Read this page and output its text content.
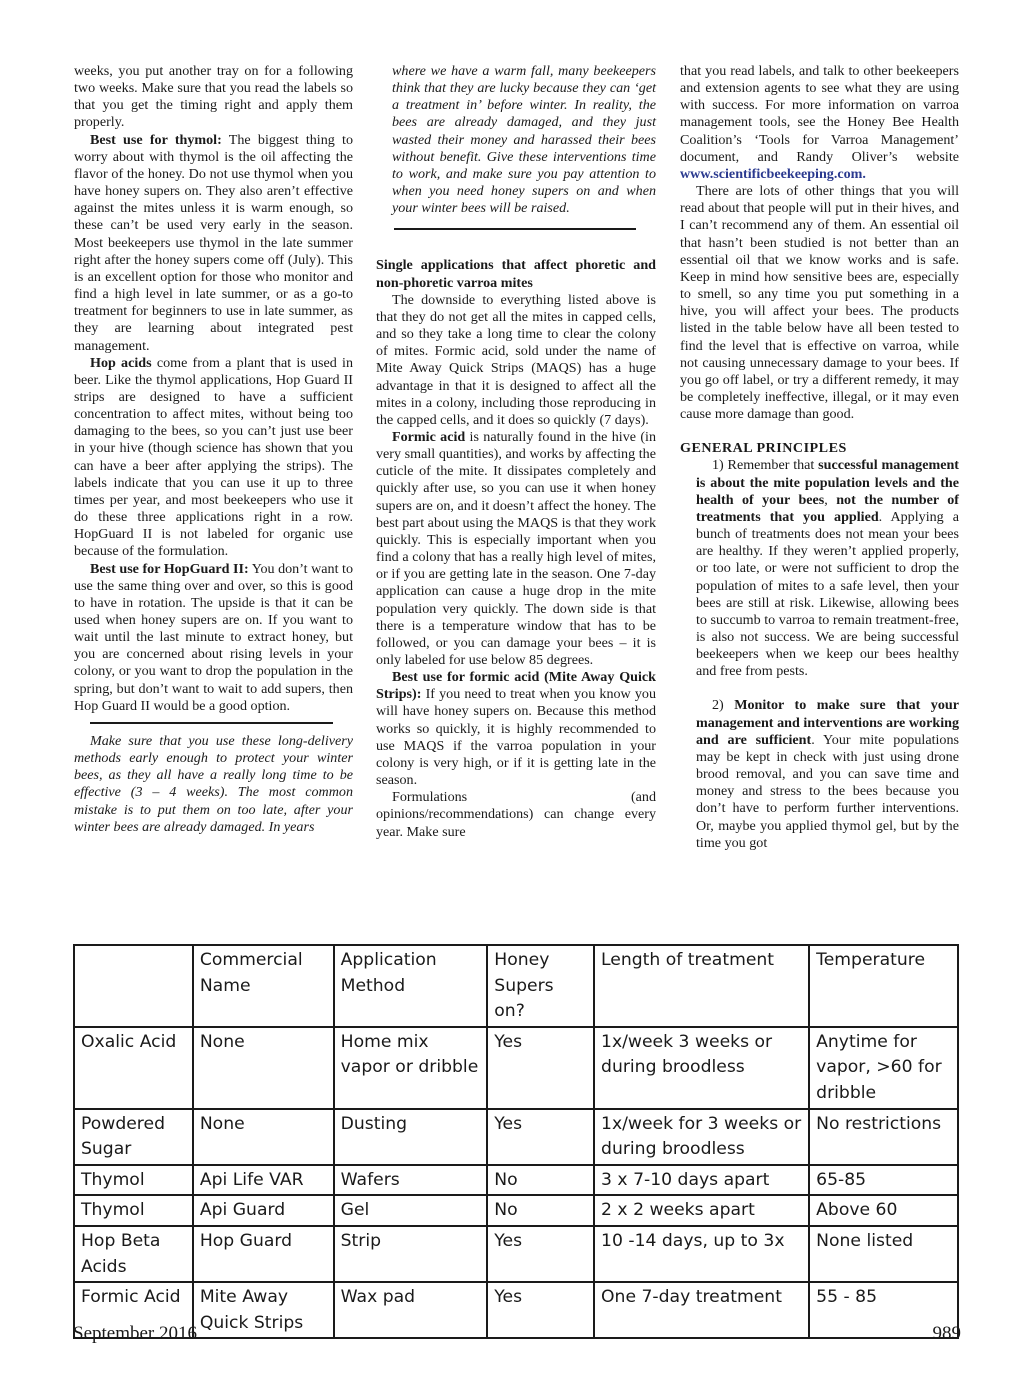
weeks, you put another tray on for a following two weeks. Make sure that you read the labels so that you get the timing right and apply them properly.

Best use for thymol: The biggest thing to worry about with thymol is the oil affecting the flavor of the honey. Do not use thymol when you have honey supers on. They also aren’t effective against the mites unless it is warm enough, so these can’t be used very early in the season. Most beekeepers use thymol in the late summer right after the honey supers come off (July). This is an excellent option for those who monitor and find a high level in late summer, or as a go-to treatment for beginners to use in late summer, as they are learning about integrated pest management.

Hop acids come from a plant that is used in beer. Like the thymol applications, Hop Guard II strips are designed to have a sufficient concentration to affect mites, without being too damaging to the bees, so you can’t just use beer in your hive (though science has shown that you can have a beer after applying the strips). The labels indicate that you can use it up to three times per year, and most beekeepers who use it do these three applications right in a row. HopGuard II is not labeled for organic use because of the formulation.

Best use for HopGuard II: You don’t want to use the same thing over and over, so this is good to have in rotation. The upside is that it can be used when honey supers are on. If you want to wait until the last minute to extract honey, but you are concerned about rising levels in your colony, or you want to drop the population in the spring, but don’t want to wait to add supers, then Hop Guard II would be a good option.

Make sure that you use these long-delivery methods early enough to protect your winter bees, as they all have a really long time to be effective (3 – 4 weeks). The most common mistake is to put them on too late, after your winter bees are already damaged. In years

where we have a warm fall, many beekeepers think that they are lucky because they can ‘get a treatment in’ before winter. In reality, the bees are already damaged, and they just wasted their money and harassed their bees without benefit. Give these interventions time to work, and make sure you pay attention to when you need honey supers on and when your winter bees will be raised.

Single applications that affect phoretic and non-phoretic varroa mites

The downside to everything listed above is that they do not get all the mites in capped cells, and so they take a long time to clear the colony of mites. Formic acid, sold under the name of Mite Away Quick Strips (MAQS) has a huge advantage in that it is designed to affect all the mites in a colony, including those reproducing in the capped cells, and it does so quickly (7 days).

Formic acid is naturally found in the hive (in very small quantities), and works by affecting the cuticle of the mite. It dissipates completely and quickly after use, so you can use it when honey supers are on, and it doesn’t affect the honey. The best part about using the MAQS is that they work quickly. This is especially important when you find a colony that has a really high level of mites, or if you are getting late in the season. One 7-day application can cause a huge drop in the mite population very quickly. The down side is that there is a temperature window that has to be followed, or you can damage your bees – it is only labeled for use below 85 degrees.

Best use for formic acid (Mite Away Quick Strips): If you need to treat when you know you will have honey supers on. Because this method works so quickly, it is highly recommended to use MAQS if the varroa population in your colony is very high, or if it is getting late in the season.

Formulations (and opinions/recommendations) can change every year. Make sure

that you read labels, and talk to other beekeepers and extension agents to see what they are using with success. For more information on varroa management tools, see the Honey Bee Health Coalition’s ‘Tools for Varroa Management’ document, and Randy Oliver’s website www.scientificbeekeeping.com.

There are lots of other things that you will read about that people will put in their hives, and I can’t recommend any of them. An essential oil that hasn’t been studied is not better than an essential oil that we know works and is safe. Keep in mind how sensitive bees are, especially to smell, so any time you put something in a hive, you will affect your bees. The products listed in the table below have all been tested to find the level that is effective on varroa, while not causing unnecessary damage to your bees. If you go off label, or try a different remedy, it may be completely ineffective, illegal, or it may even cause more damage than good.

GENERAL PRINCIPLES

1) Remember that successful management is about the mite population levels and the health of your bees, not the number of treatments that you applied. Applying a bunch of treatments does not mean your bees are healthy. If they weren’t applied properly, or too late, or were not sufficient to drop the population of mites to a safe level, then your bees are still at risk. Likewise, allowing bees to succumb to varroa to remain treatment-free, is also not success. We are being successful beekeepers when we keep our bees healthy and free from pests.

2) Monitor to make sure that your management and interventions are working and are sufficient. Your mite populations may be kept in check with just using drone brood removal, and you can save time and money and stress to the bees because you don’t have to perform further interventions. Or, maybe you applied thymol gel, but by the time you got

	Commercial Name	Application Method	Honey Supers on?	Length of treatment	Temperature
Oxalic Acid	None	Home mix vapor or dribble	Yes	1x/week 3 weeks or during broodless	Anytime for vapor, >60 for dribble
Powdered Sugar	None	Dusting	Yes	1x/week for 3 weeks or during broodless	No restrictions
Thymol	Api Life VAR	Wafers	No	3 x 7-10 days apart	65-85
Thymol	Api Guard	Gel	No	2 x 2 weeks apart	Above 60
Hop Beta Acids	Hop Guard	Strip	Yes	10 -14 days, up to 3x	None listed
Formic Acid	Mite Away Quick Strips	Wax pad	Yes	One 7-day treatment	55 - 85
September 2016	989
